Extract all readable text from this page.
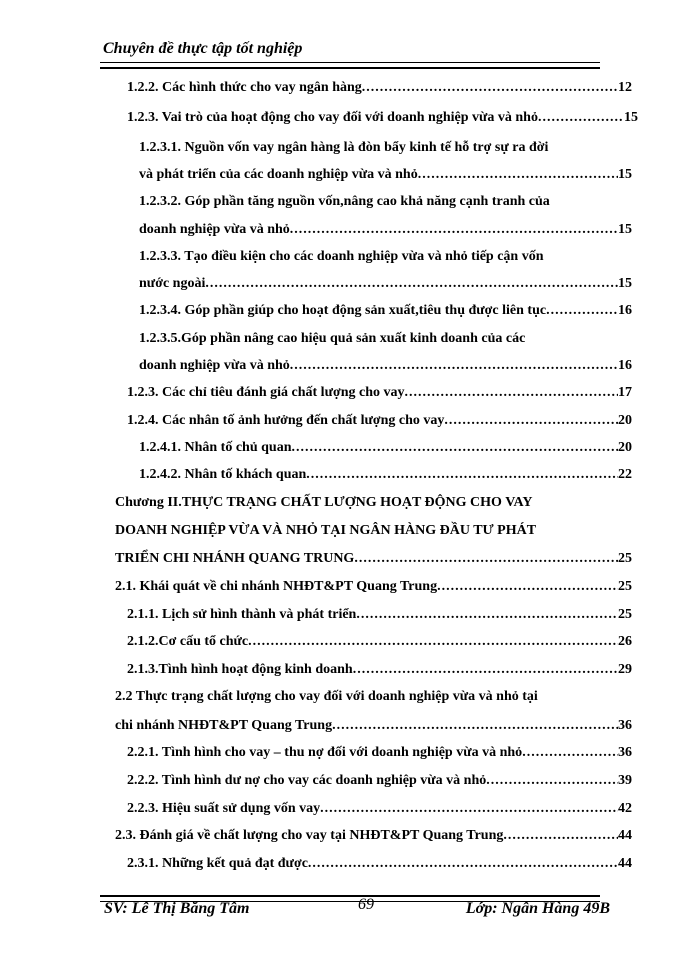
Chuyên đề thực tập tốt nghiệp
1.2.2. Các hình thức cho vay ngân hàng .....	12
1.2.3. Vai trò của hoạt động cho vay đối với doanh nghiệp vừa và nhỏ .....	15
1.2.3.1. Nguồn vốn vay ngân hàng là đòn bẩy kinh tế hỗ trợ sự ra đời
và phát triển của các doanh nghiệp vừa và nhỏ .....	15
1.2.3.2. Góp phần tăng nguồn vốn,nâng cao khả năng cạnh tranh của
doanh nghiệp vừa và nhỏ .....	15
1.2.3.3. Tạo điều kiện cho các doanh nghiệp vừa và nhỏ tiếp cận vốn
nước ngoài .....	15
1.2.3.4. Góp phần giúp cho hoạt động sản xuất,tiêu thụ được liên tục .....	16
1.2.3.5.Góp phần nâng cao hiệu quả sản xuất kinh doanh của các
doanh nghiệp vừa và nhỏ .....	16
1.2.3. Các chỉ tiêu đánh giá chất lượng cho vay .....	17
1.2.4. Các nhân tố ảnh hưởng đến chất lượng cho vay .....	20
1.2.4.1. Nhân tố chủ quan .....	20
1.2.4.2. Nhân tố khách quan .....	22
Chương II.THỰC TRẠNG CHẤT LƯỢNG HOẠT ĐỘNG CHO VAY
DOANH NGHIỆP VỪA VÀ NHỎ TẠI NGÂN HÀNG ĐẦU TƯ PHÁT
TRIỂN CHI NHÁNH QUANG TRUNG .....	25
2.1. Khái quát về chi nhánh NHĐT&PT Quang Trung .....	25
2.1.1. Lịch sử hình thành và phát triển .....	25
2.1.2.Cơ cấu tổ chức .....	26
2.1.3.Tình hình hoạt động kinh doanh .....	29
2.2 Thực trạng chất lượng cho vay đối với doanh nghiệp vừa và nhỏ tại
chi nhánh NHĐT&PT Quang Trung .....	36
2.2.1. Tình hình cho vay – thu nợ đối với doanh nghiệp vừa và nhỏ .....	36
2.2.2. Tình hình dư nợ cho vay các doanh nghiệp vừa và nhỏ .....	39
2.2.3. Hiệu suất sử dụng vốn vay .....	42
2.3. Đánh giá về chất lượng cho vay tại NHĐT&PT Quang Trung .....	44
2.3.1. Những kết quả đạt được .....	44
SV: Lê Thị Băng Tâm	69	Lớp: Ngân Hàng 49B
